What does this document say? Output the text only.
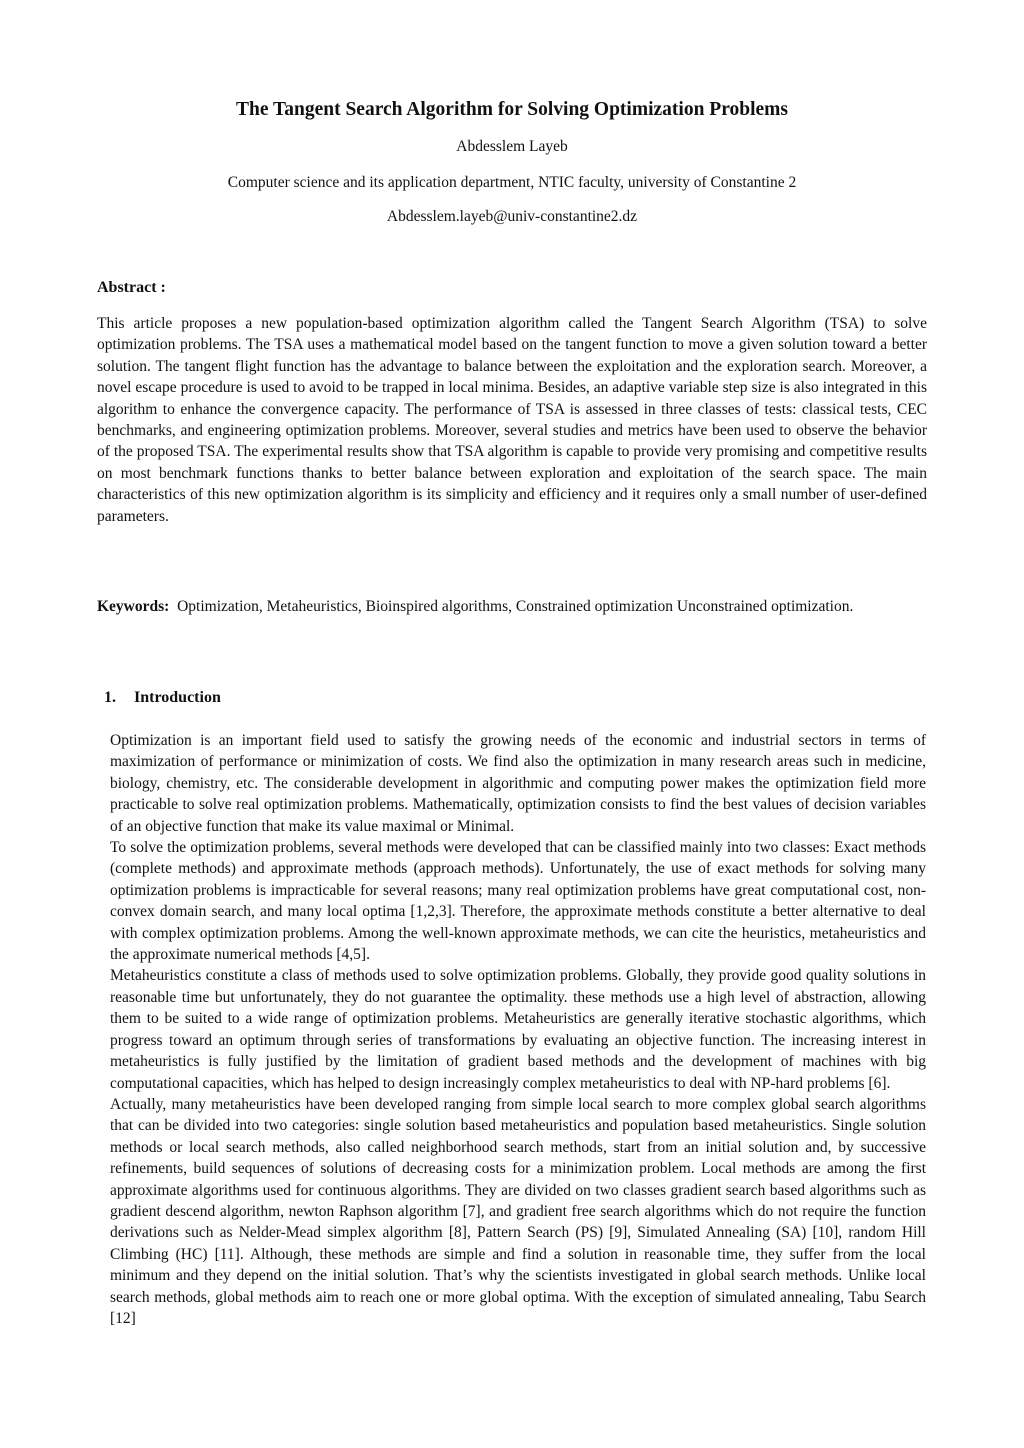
The Tangent Search Algorithm for Solving Optimization Problems
Abdesslem Layeb
Computer science and its application department, NTIC faculty, university of Constantine 2
Abdesslem.layeb@univ-constantine2.dz
Abstract :

This article proposes a new population-based optimization algorithm called the Tangent Search Algorithm (TSA) to solve optimization problems. The TSA uses a mathematical model based on the tangent function to move a given solution toward a better solution. The tangent flight function has the advantage to balance between the exploitation and the exploration search. Moreover, a novel escape procedure is used to avoid to be trapped in local minima. Besides, an adaptive variable step size is also integrated in this algorithm to enhance the convergence capacity. The performance of TSA is assessed in three classes of tests: classical tests, CEC benchmarks, and engineering optimization problems. Moreover, several studies and metrics have been used to observe the behavior of the proposed TSA. The experimental results show that TSA algorithm is capable to provide very promising and competitive results on most benchmark functions thanks to better balance between exploration and exploitation of the search space. The main characteristics of this new optimization algorithm is its simplicity and efficiency and it requires only a small number of user-defined parameters.

Keywords: Optimization, Metaheuristics, Bioinspired algorithms, Constrained optimization Unconstrained optimization.

1. Introduction

Optimization is an important field used to satisfy the growing needs of the economic and industrial sectors in terms of maximization of performance or minimization of costs. We find also the optimization in many research areas such in medicine, biology, chemistry, etc. The considerable development in algorithmic and computing power makes the optimization field more practicable to solve real optimization problems. Mathematically, optimization consists to find the best values of decision variables of an objective function that make its value maximal or Minimal.

To solve the optimization problems, several methods were developed that can be classified mainly into two classes: Exact methods (complete methods) and approximate methods (approach methods). Unfortunately, the use of exact methods for solving many optimization problems is impracticable for several reasons; many real optimization problems have great computational cost, non-convex domain search, and many local optima [1,2,3]. Therefore, the approximate methods constitute a better alternative to deal with complex optimization problems. Among the well-known approximate methods, we can cite the heuristics, metaheuristics and the approximate numerical methods [4,5].

Metaheuristics constitute a class of methods used to solve optimization problems. Globally, they provide good quality solutions in reasonable time but unfortunately, they do not guarantee the optimality. these methods use a high level of abstraction, allowing them to be suited to a wide range of optimization problems. Metaheuristics are generally iterative stochastic algorithms, which progress toward an optimum through series of transformations by evaluating an objective function. The increasing interest in metaheuristics is fully justified by the limitation of gradient based methods and the development of machines with big computational capacities, which has helped to design increasingly complex metaheuristics to deal with NP-hard problems [6].

Actually, many metaheuristics have been developed ranging from simple local search to more complex global search algorithms that can be divided into two categories: single solution based metaheuristics and population based metaheuristics. Single solution methods or local search methods, also called neighborhood search methods, start from an initial solution and, by successive refinements, build sequences of solutions of decreasing costs for a minimization problem. Local methods are among the first approximate algorithms used for continuous algorithms. They are divided on two classes gradient search based algorithms such as gradient descend algorithm, newton Raphson algorithm [7], and gradient free search algorithms which do not require the function derivations such as Nelder-Mead simplex algorithm [8], Pattern Search (PS) [9], Simulated Annealing (SA) [10], random Hill Climbing (HC) [11]. Although, these methods are simple and find a solution in reasonable time, they suffer from the local minimum and they depend on the initial solution. That’s why the scientists investigated in global search methods. Unlike local search methods, global methods aim to reach one or more global optima. With the exception of simulated annealing, Tabu Search [12]
